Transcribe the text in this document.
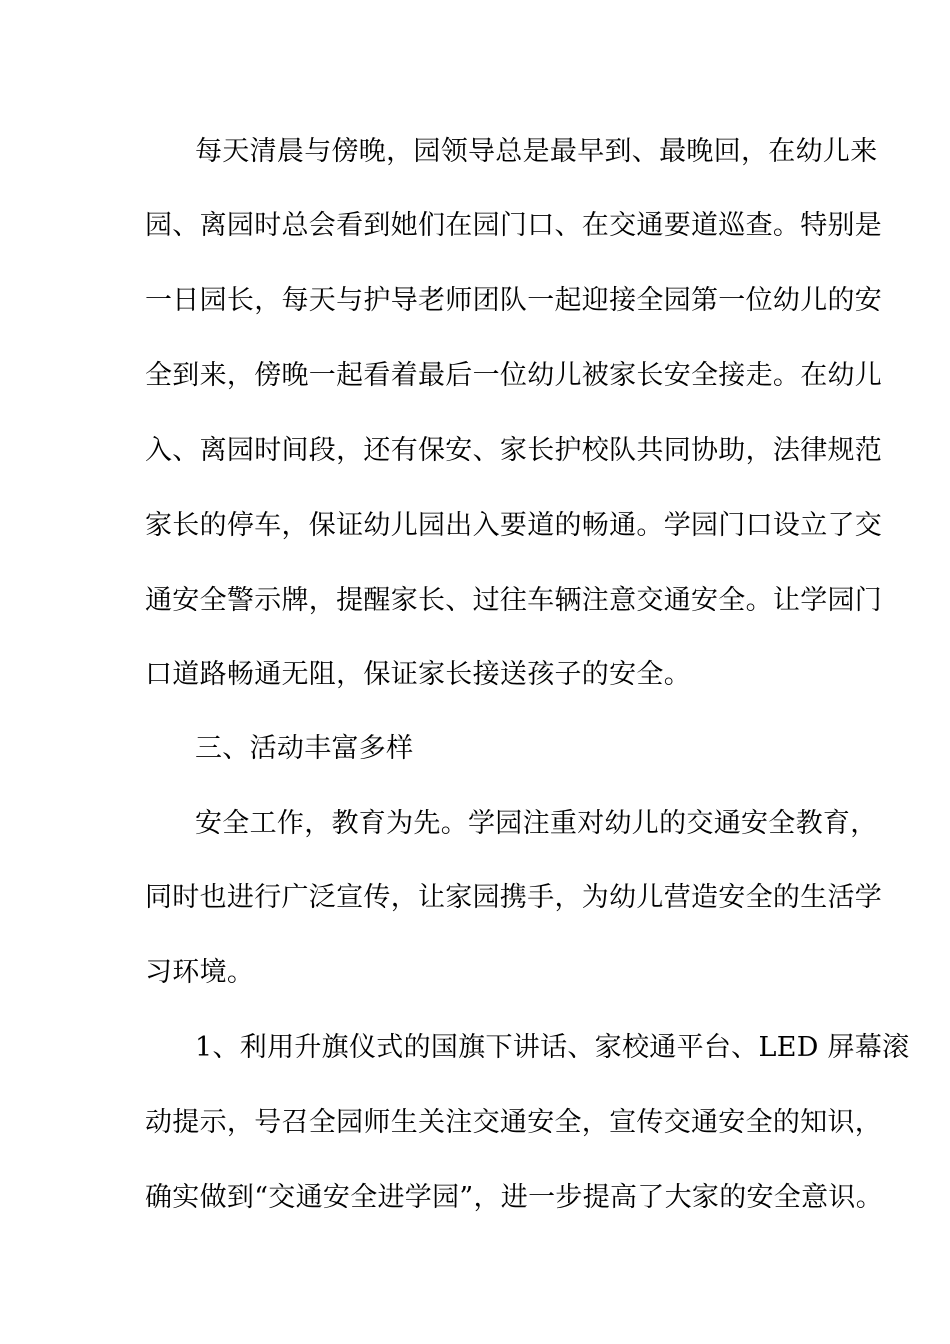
每天清晨与傍晚，园领导总是最早到、最晚回，在幼儿来
园、离园时总会看到她们在园门口、在交通要道巡查。特别是
一日园长，每天与护导老师团队一起迎接全园第一位幼儿的安
全到来，傍晚一起看着最后一位幼儿被家长安全接走。在幼儿
入、离园时间段，还有保安、家长护校队共同协助，法律规范
家长的停车，保证幼儿园出入要道的畅通。学园门口设立了交
通安全警示牌，提醒家长、过往车辆注意交通安全。让学园门
口道路畅通无阻，保证家长接送孩子的安全。
三、活动丰富多样
安全工作，教育为先。学园注重对幼儿的交通安全教育，
同时也进行广泛宣传，让家园携手，为幼儿营造安全的生活学
习环境。
1、利用升旗仪式的国旗下讲话、家校通平台、LED 屏幕滚
动提示，号召全园师生关注交通安全，宣传交通安全的知识，
确实做到“交通安全进学园”，进一步提高了大家的安全意识。
